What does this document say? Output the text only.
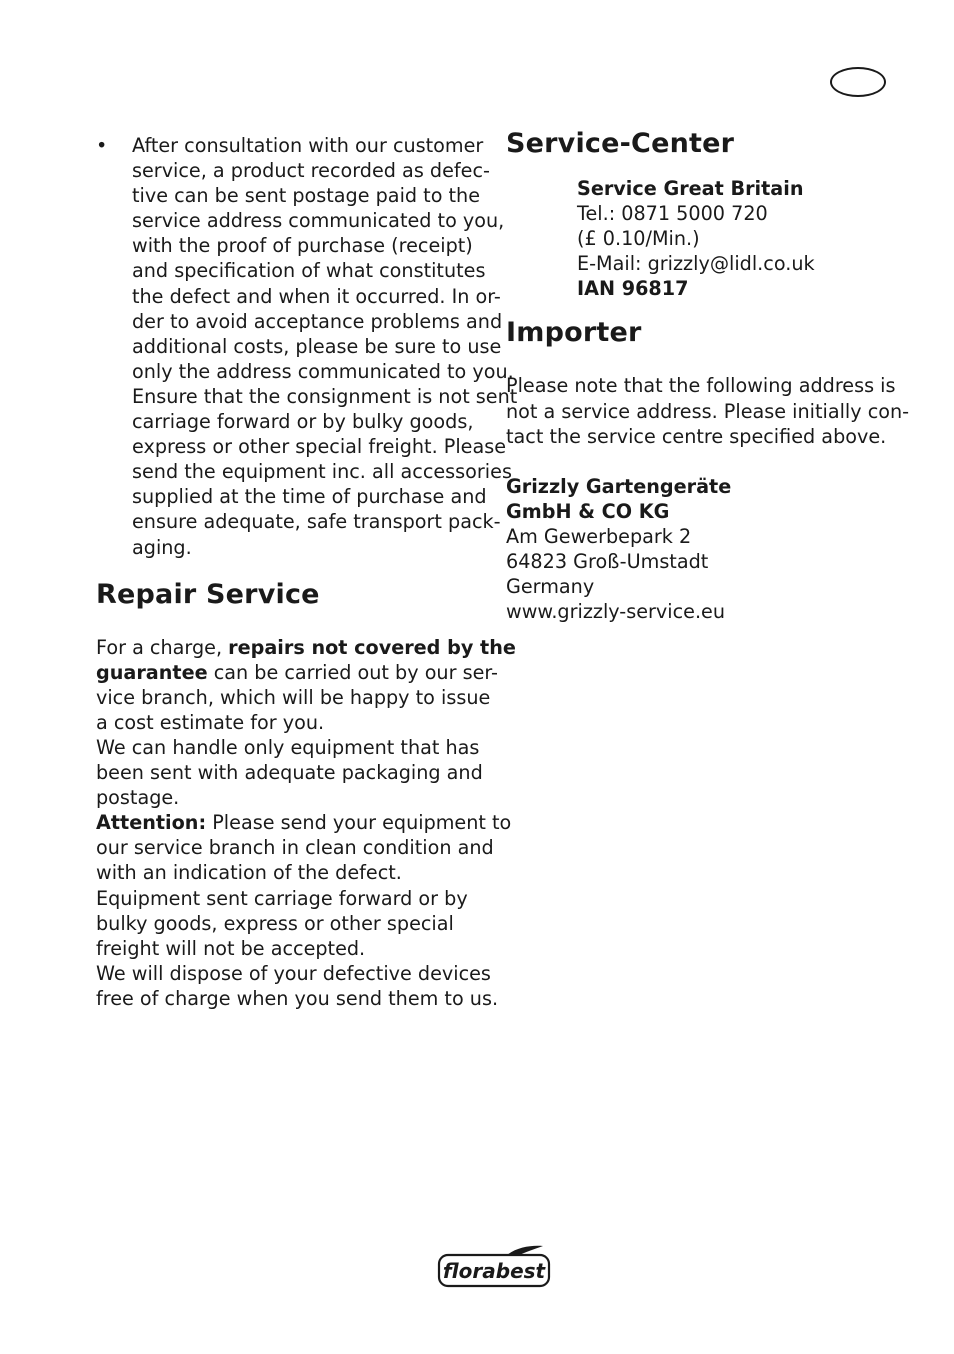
• After consultation with our customer
service, a product recorded as defec-
tive can be sent postage paid to the
service address communicated to you,
with the proof of purchase (receipt)
and specification of what constitutes
the defect and when it occurred. In or-
der to avoid acceptance problems and
additional costs, please be sure to use
only the address communicated to you.
Ensure that the consignment is not sent
carriage forward or by bulky goods,
express or other special freight. Please
send the equipment inc. all accessories
supplied at the time of purchase and
ensure adequate, safe transport pack-
aging.
Repair Service
For a charge, repairs not covered by the
guarantee can be carried out by our ser-
vice branch, which will be happy to issue
a cost estimate for you.
We can handle only equipment that has
been sent with adequate packaging and
postage.
Attention: Please send your equipment to
our service branch in clean condition and
with an indication of the defect.
Equipment sent carriage forward or by
bulky goods, express or other special
freight will not be accepted.
We will dispose of your defective devices
free of charge when you send them to us.
Service-Center
Service Great Britain
Tel.: 0871 5000 720
(£ 0.10/Min.)
E-Mail: grizzly@lidl.co.uk
IAN 96817
Importer
Please note that the following address is
not a service address. Please initially con-
tact the service centre specified above.
Grizzly Gartengeräte
GmbH & CO KG
Am Gewerbepark 2
64823 Groß-Umstadt
Germany
www.grizzly-service.eu
florabest
